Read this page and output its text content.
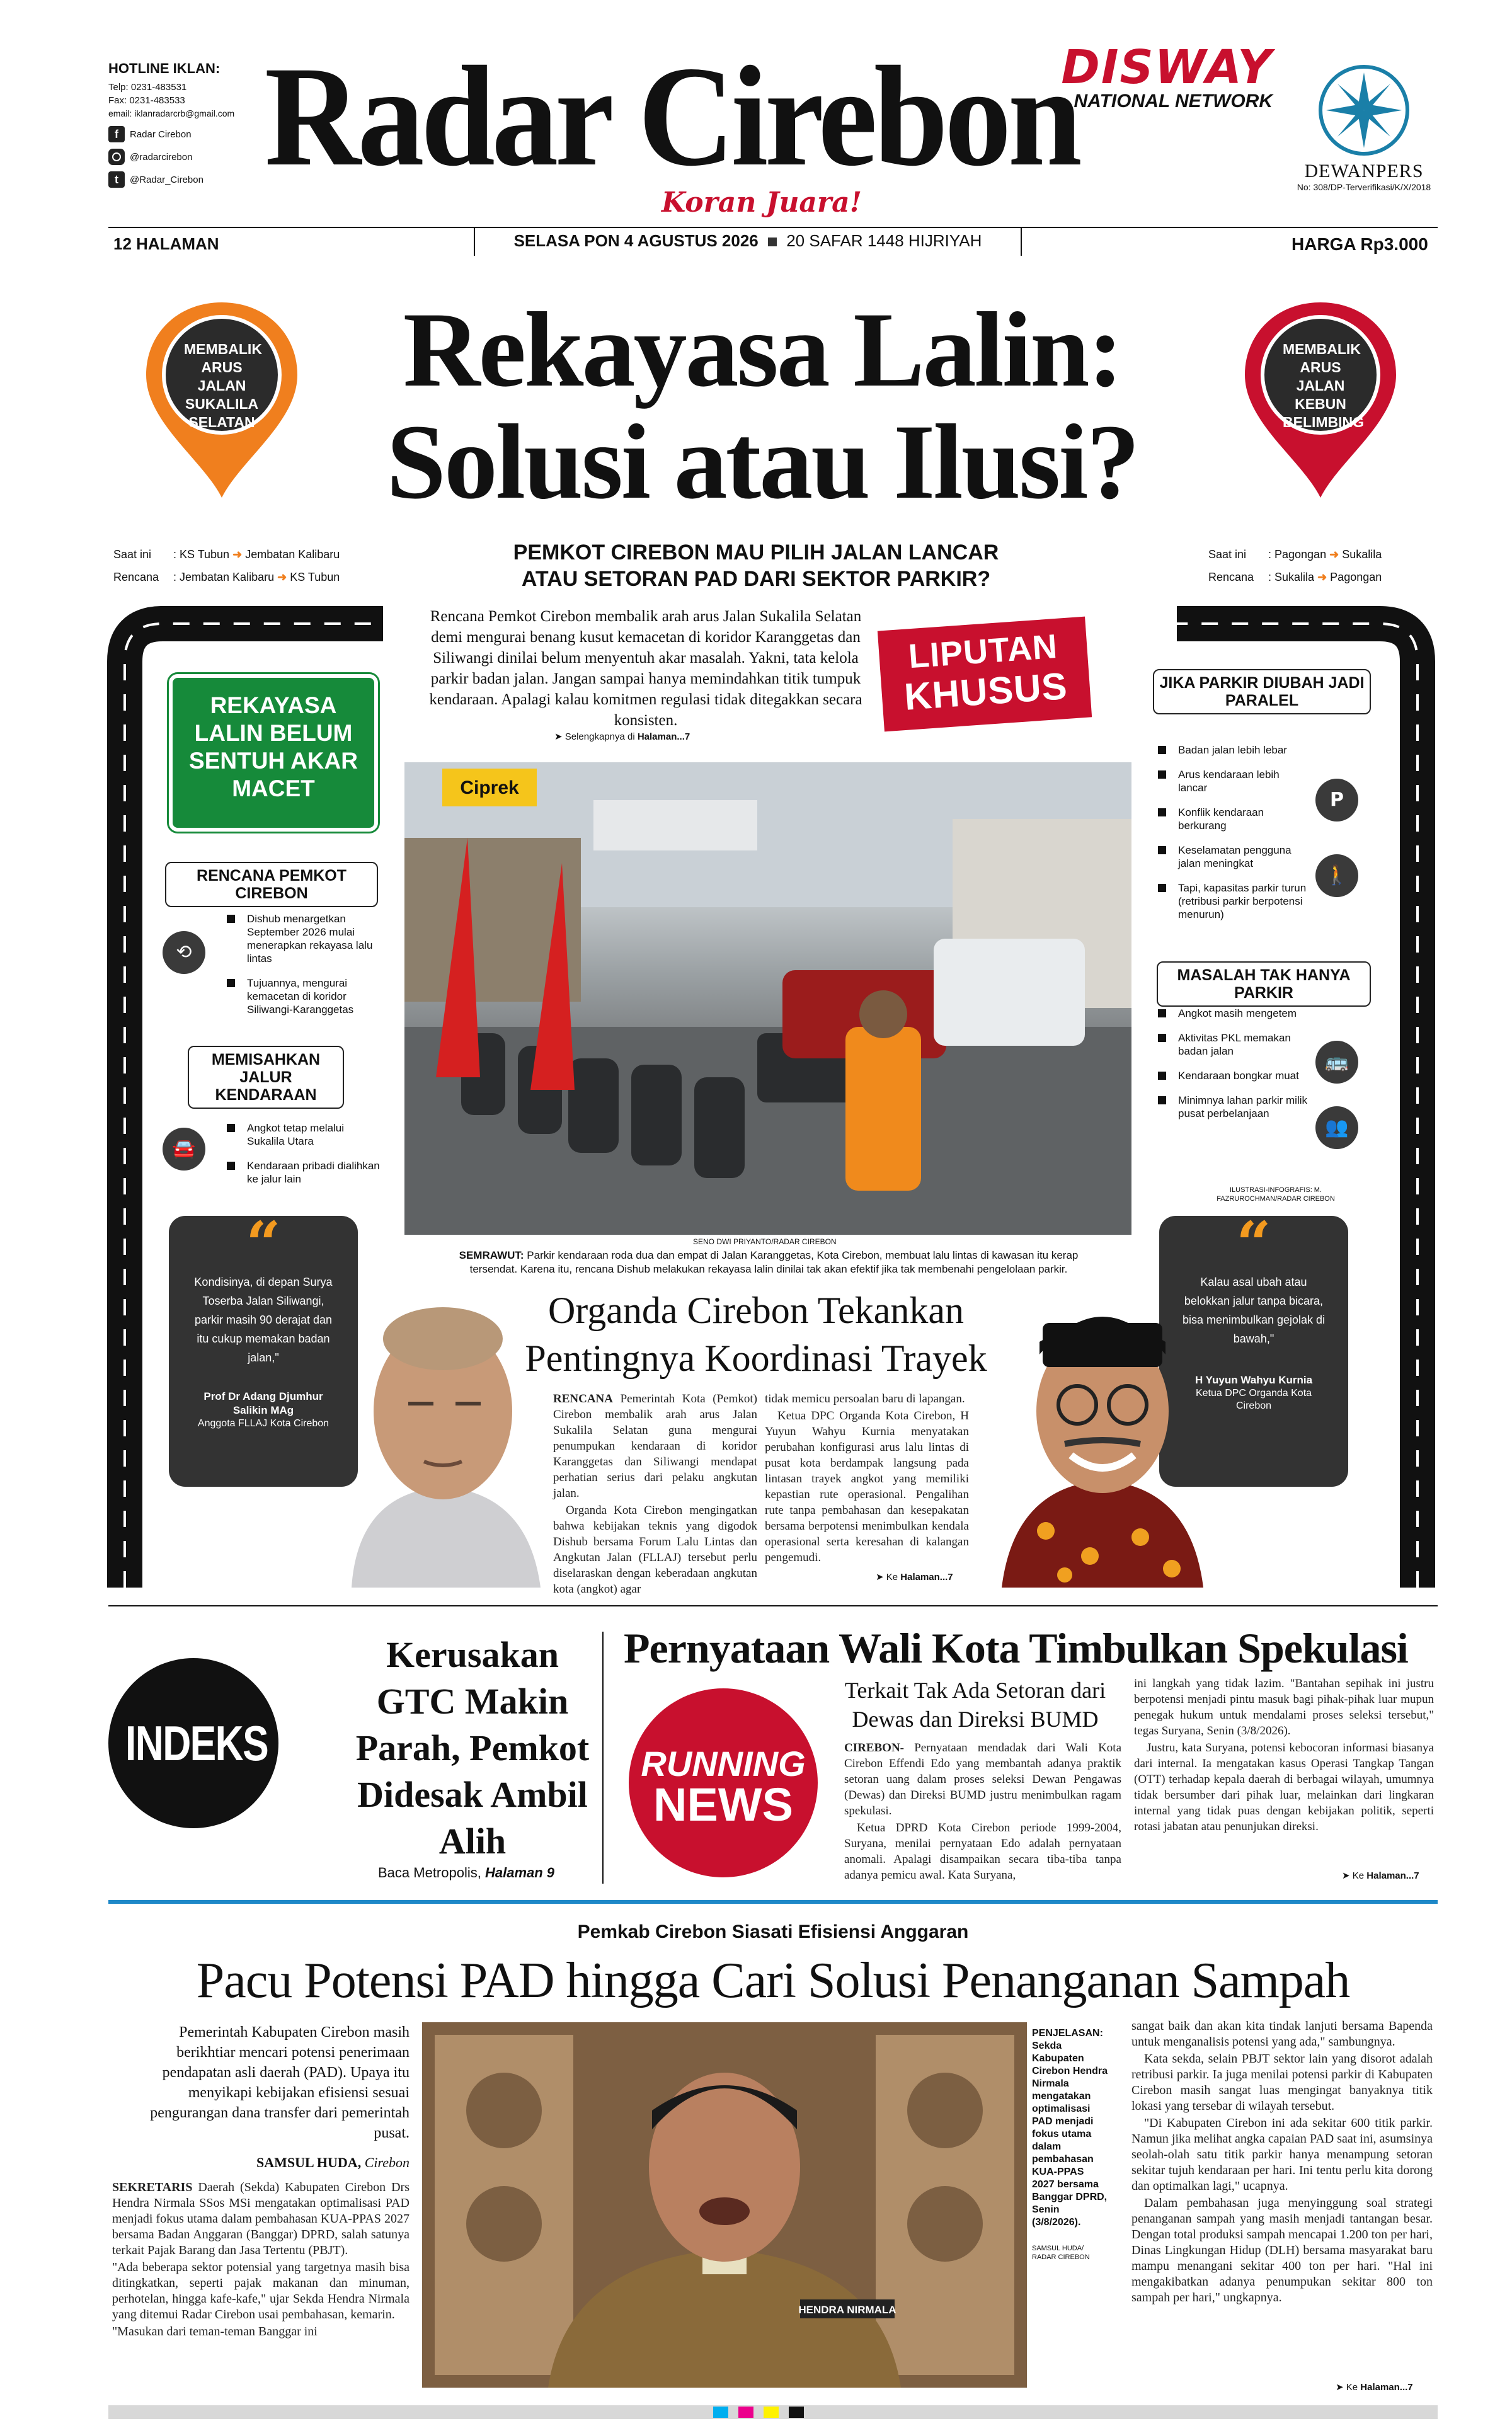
HOTLINE IKLAN:
Telp: 0231-483531
Fax: 0231-483533
email: iklanradarcrb@gmail.com
f	Radar Cirebon
@radarcirebon
t	@Radar_Cirebon Radar Cirebon
Koran Juara!
DISWAY
NATIONAL NETWORK
DEWANPERS
No: 308/DP-Terverifikasi/K/X/2018
12 HALAMAN	SELASA PON 4 AGUSTUS 2026 20 SAFAR 1448 HIJRIYAH	HARGA Rp3.000
MEMBALIK ARUS JALAN SUKALILA SELATAN
MEMBALIK ARUS JALAN KEBUN BELIMBING
Rekayasa Lalin:
Solusi atau Ilusi?
Saat ini : KS Tubun ➜ Jembatan Kalibaru
Rencana : Jembatan Kalibaru ➜ KS Tubun
Saat ini : Pagongan ➜ Sukalila
Rencana : Sukalila ➜ Pagongan
PEMKOT CIREBON MAU PILIH JALAN LANCAR
ATAU SETORAN PAD DARI SEKTOR PARKIR?
REKAYASA LALIN BELUM SENTUH AKAR MACET
RENCANA PEMKOT CIREBON
⟲
Dishub menargetkan September 2026 mulai menerapkan rekayasa lalu lintas
Tujuannya, mengurai kemacetan di koridor Siliwangi-Karanggetas
MEMISAHKAN JALUR KENDARAAN
🚘
Angkot tetap melalui Sukalila Utara
Kendaraan pribadi dialihkan ke jalur lain
JIKA PARKIR DIUBAH JADI PARALEL
Badan jalan lebih lebar
Arus kendaraan lebih lancar
Konflik kendaraan berkurang
Keselamatan pengguna jalan meningkat
Tapi, kapasitas parkir turun (retribusi parkir berpotensi menurun)
P
🚶
MASALAH TAK HANYA PARKIR
Angkot masih mengetem
Aktivitas PKL memakan badan jalan
Kendaraan bongkar muat
Minimnya lahan parkir milik pusat perbelanjaan
🚌
👥
ILUSTRASI-INFOGRAFIS: M. FAZRUROCHMAN/RADAR CIREBON
Rencana Pemkot Cirebon membalik arah arus Jalan Sukalila Selatan demi mengurai benang kusut kemacetan di koridor Karanggetas dan Siliwangi dinilai belum menyentuh akar masalah. Yakni, tata kelola parkir badan jalan. Jangan sampai hanya memindahkan titik tumpuk kendaraan. Apalagi kalau komitmen regulasi tidak ditegakkan secara konsisten.
➤ Selengkapnya di Halaman...7
LIPUTAN
KHUSUS
Ciprek
SENO DWI PRIYANTO/RADAR CIREBON
SEMRAWUT: Parkir kendaraan roda dua dan empat di Jalan Karanggetas, Kota Cirebon, membuat lalu lintas di kawasan itu kerap tersendat. Karena itu, rencana Dishub melakukan rekayasa lalin dinilai tak akan efektif jika tak membenahi pengelolaan parkir.
“
Kondisinya, di depan Surya Toserba Jalan Siliwangi, parkir masih 90 derajat dan itu cukup memakan badan jalan,"
Prof Dr Adang Djumhur Salikin MAg
Anggota FLLAJ Kota Cirebon
“
Kalau asal ubah atau belokkan jalur tanpa bicara, bisa menimbulkan gejolak di bawah,"
H Yuyun Wahyu Kurnia
Ketua DPC Organda Kota Cirebon
Organda Cirebon Tekankan
Pentingnya Koordinasi Trayek

RENCANA Pemerintah Kota (Pemkot) Cirebon membalik arah arus Jalan Sukalila Selatan guna mengurai penumpukan kendaraan di koridor Karanggetas dan Siliwangi mendapat perhatian serius dari pelaku angkutan jalan.

Organda Kota Cirebon mengingatkan bahwa kebijakan teknis yang digodok Dishub bersama Forum Lalu Lintas dan Angkutan Jalan (FLLAJ) tersebut perlu diselaraskan dengan keberadaan angkutan kota (angkot) agar

tidak memicu persoalan baru di lapangan.

Ketua DPC Organda Kota Cirebon, H Yuyun Wahyu Kurnia menyatakan perubahan konfigurasi arus lalu lintas di pusat kota berdampak langsung pada lintasan trayek angkot yang memiliki kepastian rute operasional. Pengalihan rute tanpa pembahasan dan kesepakatan bersama berpotensi menimbulkan kendala operasional serta keresahan di kalangan pengemudi.

➤ Ke Halaman...7
INDEKS
Kerusakan GTC Makin Parah, Pemkot Didesak Ambil Alih
Baca Metropolis, Halaman 9
Pernyataan Wali Kota Timbulkan Spekulasi
RUNNING
NEWS
Terkait Tak Ada Setoran dari Dewas dan Direksi BUMD

CIREBON- Pernyataan mendadak dari Wali Kota Cirebon Effendi Edo yang membantah adanya praktik setoran uang dalam proses seleksi Dewan Pengawas (Dewas) dan Direksi BUMD justru menimbulkan ragam spekulasi.

Ketua DPRD Kota Cirebon periode 1999-2004, Suryana, menilai pernyataan Edo adalah pernyataan anomali. Apalagi disampaikan secara tiba-tiba tanpa adanya pemicu awal. Kata Suryana,

ini langkah yang tidak lazim. "Bantahan sepihak ini justru berpotensi menjadi pintu masuk bagi pihak-pihak luar mupun penegak hukum untuk mendalami proses seleksi tersebut," tegas Suryana, Senin (3/8/2026).

Justru, kata Suryana, potensi kebocoran informasi biasanya dari internal. Ia mengatakan kasus Operasi Tangkap Tangan (OTT) terhadap kepala daerah di berbagai wilayah, umumnya tidak bersumber dari pihak luar, melainkan dari lingkaran internal yang tidak puas dengan kebijakan politik, seperti rotasi jabatan atau penunjukan direksi.

➤ Ke Halaman...7
Pemkab Cirebon Siasati Efisiensi Anggaran
Pacu Potensi PAD hingga Cari Solusi Penanganan Sampah
Pemerintah Kabupaten Cirebon masih berikhtiar mencari potensi penerimaan pendapatan asli daerah (PAD). Upaya itu menyikapi kebijakan efisiensi sesuai pengurangan dana transfer dari pemerintah pusat.
SAMSUL HUDA, Cirebon

SEKRETARIS Daerah (Sekda) Kabupaten Cirebon Drs Hendra Nirmala SSos MSi mengatakan optimalisasi PAD menjadi fokus utama dalam pembahasan KUA-PPAS 2027 bersama Badan Anggaran (Banggar) DPRD, salah satunya terkait Pajak Barang dan Jasa Tertentu (PBJT).

"Ada beberapa sektor potensial yang targetnya masih bisa ditingkatkan, seperti pajak makanan dan minuman, perhotelan, hingga kafe-kafe," ujar Sekda Hendra Nirmala yang ditemui Radar Cirebon usai pembahasan, kemarin.

"Masukan dari teman-teman Banggar ini

HENDRA NIRMALA
PENJELASAN:
Sekda Kabupaten Cirebon Hendra Nirmala mengatakan optimalisasi PAD menjadi fokus utama dalam pembahasan KUA-PPAS 2027 bersama Banggar DPRD, Senin (3/8/2026).
SAMSUL HUDA/ RADAR CIREBON

sangat baik dan akan kita tindak lanjuti bersama Bapenda untuk menganalisis potensi yang ada," sambungnya.

Kata sekda, selain PBJT sektor lain yang disorot adalah retribusi parkir. Ia juga menilai potensi parkir di Kabupaten Cirebon masih sangat luas mengingat banyaknya titik lokasi yang tersebar di wilayah tersebut.

"Di Kabupaten Cirebon ini ada sekitar 600 titik parkir. Namun jika melihat angka capaian PAD saat ini, asumsinya seolah-olah satu titik parkir hanya menampung setoran sekitar tujuh kendaraan per hari. Ini tentu perlu kita dorong dan optimalkan lagi," ucapnya.

Dalam pembahasan juga menyinggung soal strategi penanganan sampah yang masih menjadi tantangan besar. Dengan total produksi sampah mencapai 1.200 ton per hari, Dinas Lingkungan Hidup (DLH) bersama masyarakat baru mampu menangani sekitar 400 ton per hari. "Hal ini mengakibatkan adanya penumpukan sekitar 800 ton sampah per hari," ungkapnya.

➤ Ke Halaman...7
